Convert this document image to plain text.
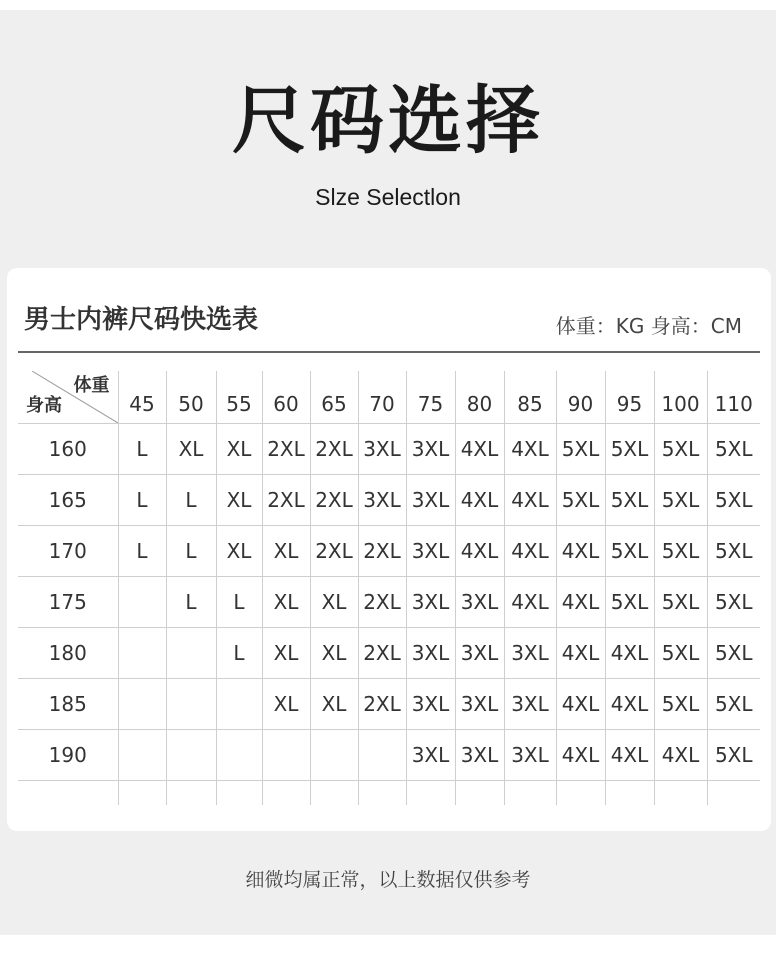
尺码选择
Slze Selectlon
男士内裤尺码快选表	体重：KG 身高：CM
体重
身高	45	50	55	60	65	70	75	80	85	90	95	100	110
160	L	XL	XL	2XL	2XL	3XL	3XL	4XL	4XL	5XL	5XL	5XL	5XL
165	L	L	XL	2XL	2XL	3XL	3XL	4XL	4XL	5XL	5XL	5XL	5XL
170	L	L	XL	XL	2XL	2XL	3XL	4XL	4XL	4XL	5XL	5XL	5XL
175		L	L	XL	XL	2XL	3XL	3XL	4XL	4XL	5XL	5XL	5XL
180			L	XL	XL	2XL	3XL	3XL	3XL	4XL	4XL	5XL	5XL
185				XL	XL	2XL	3XL	3XL	3XL	4XL	4XL	5XL	5XL
190							3XL	3XL	3XL	4XL	4XL	4XL	5XL

细微均属正常，以上数据仅供参考
